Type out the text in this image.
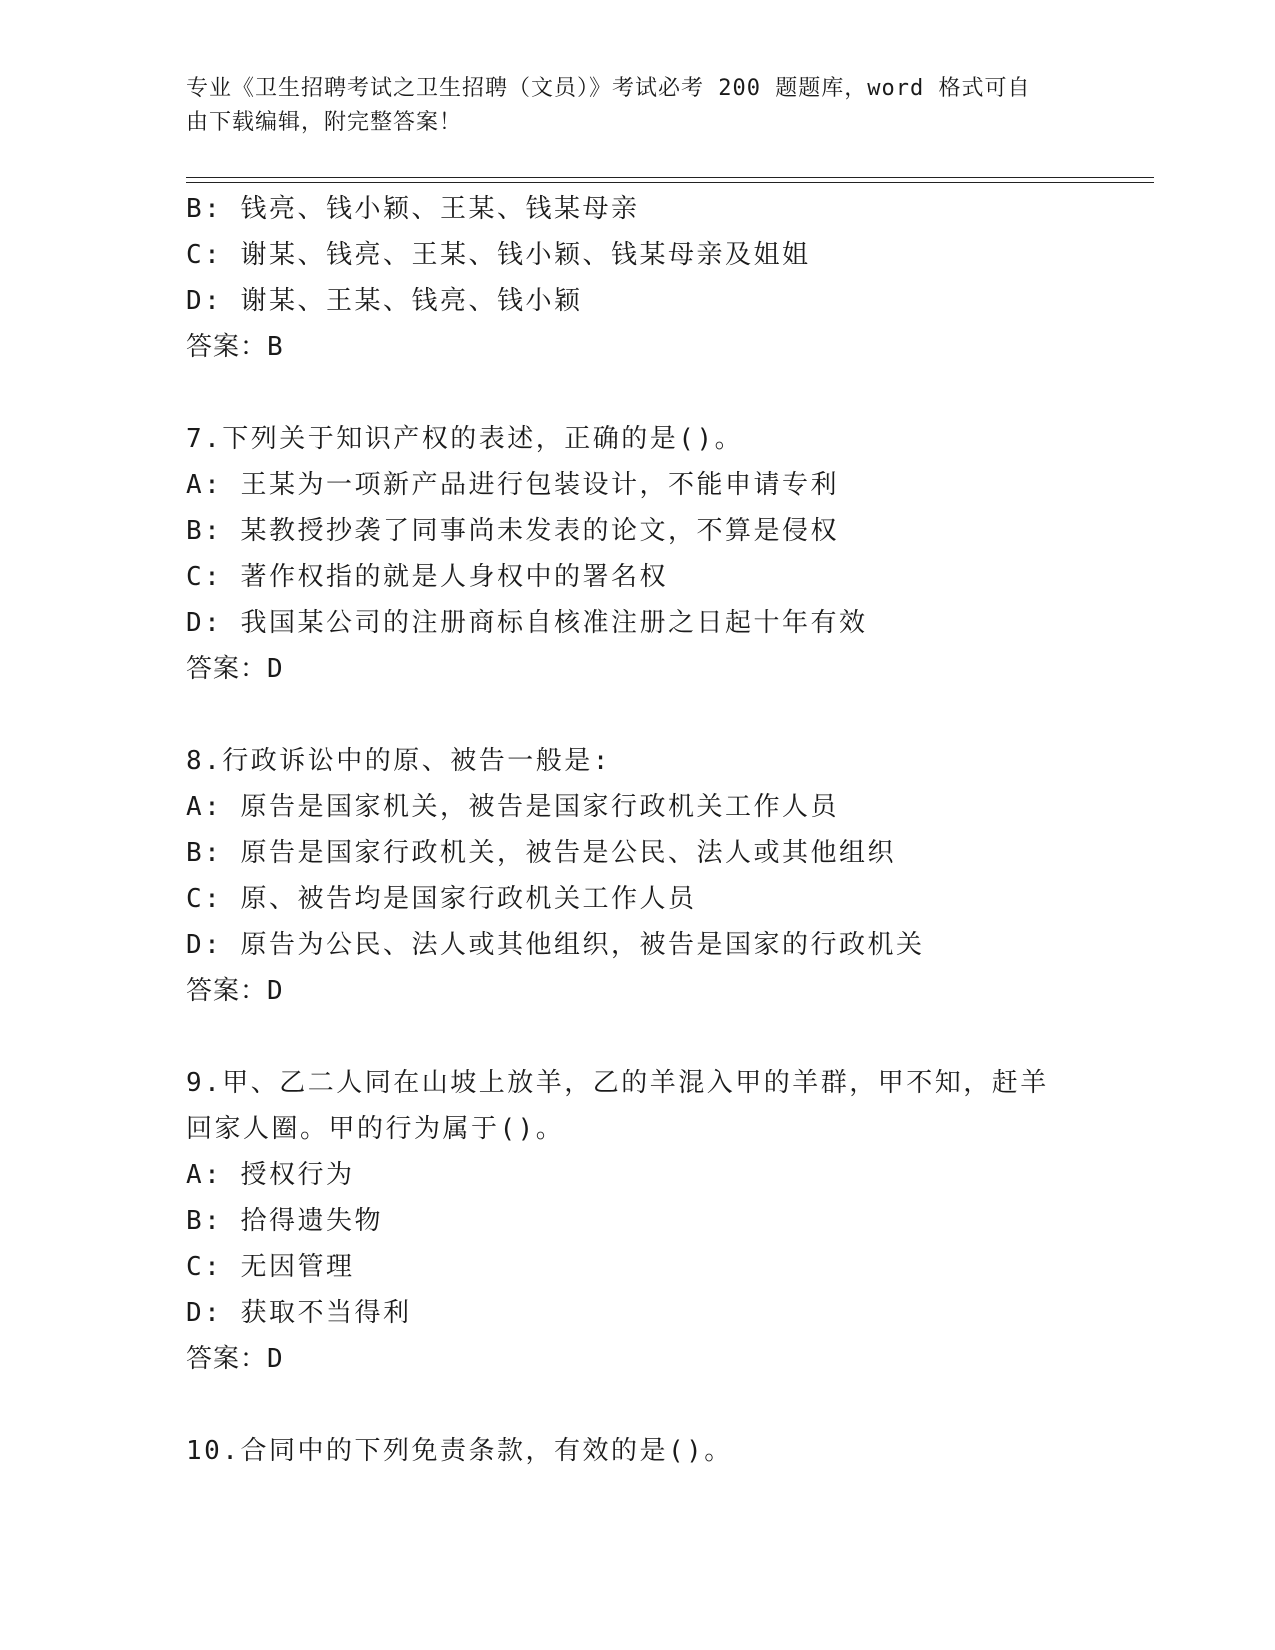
专业《卫生招聘考试之卫生招聘（文员）》考试必考 200 题题库，word 格式可自
由下载编辑，附完整答案！

B: 钱亮、钱小颖、王某、钱某母亲

C: 谢某、钱亮、王某、钱小颖、钱某母亲及姐姐

D: 谢某、王某、钱亮、钱小颖

答案：B

7.下列关于知识产权的表述，正确的是()。

A: 王某为一项新产品进行包装设计，不能申请专利

B: 某教授抄袭了同事尚未发表的论文，不算是侵权

C: 著作权指的就是人身权中的署名权

D: 我国某公司的注册商标自核准注册之日起十年有效

答案：D

8.行政诉讼中的原、被告一般是:

A: 原告是国家机关，被告是国家行政机关工作人员

B: 原告是国家行政机关，被告是公民、法人或其他组织

C: 原、被告均是国家行政机关工作人员

D: 原告为公民、法人或其他组织，被告是国家的行政机关

答案：D

9.甲、乙二人同在山坡上放羊，乙的羊混入甲的羊群，甲不知，赶羊

回家人圈。甲的行为属于()。

A: 授权行为

B: 拾得遗失物

C: 无因管理

D: 获取不当得利

答案：D

10.合同中的下列免责条款，有效的是()。
